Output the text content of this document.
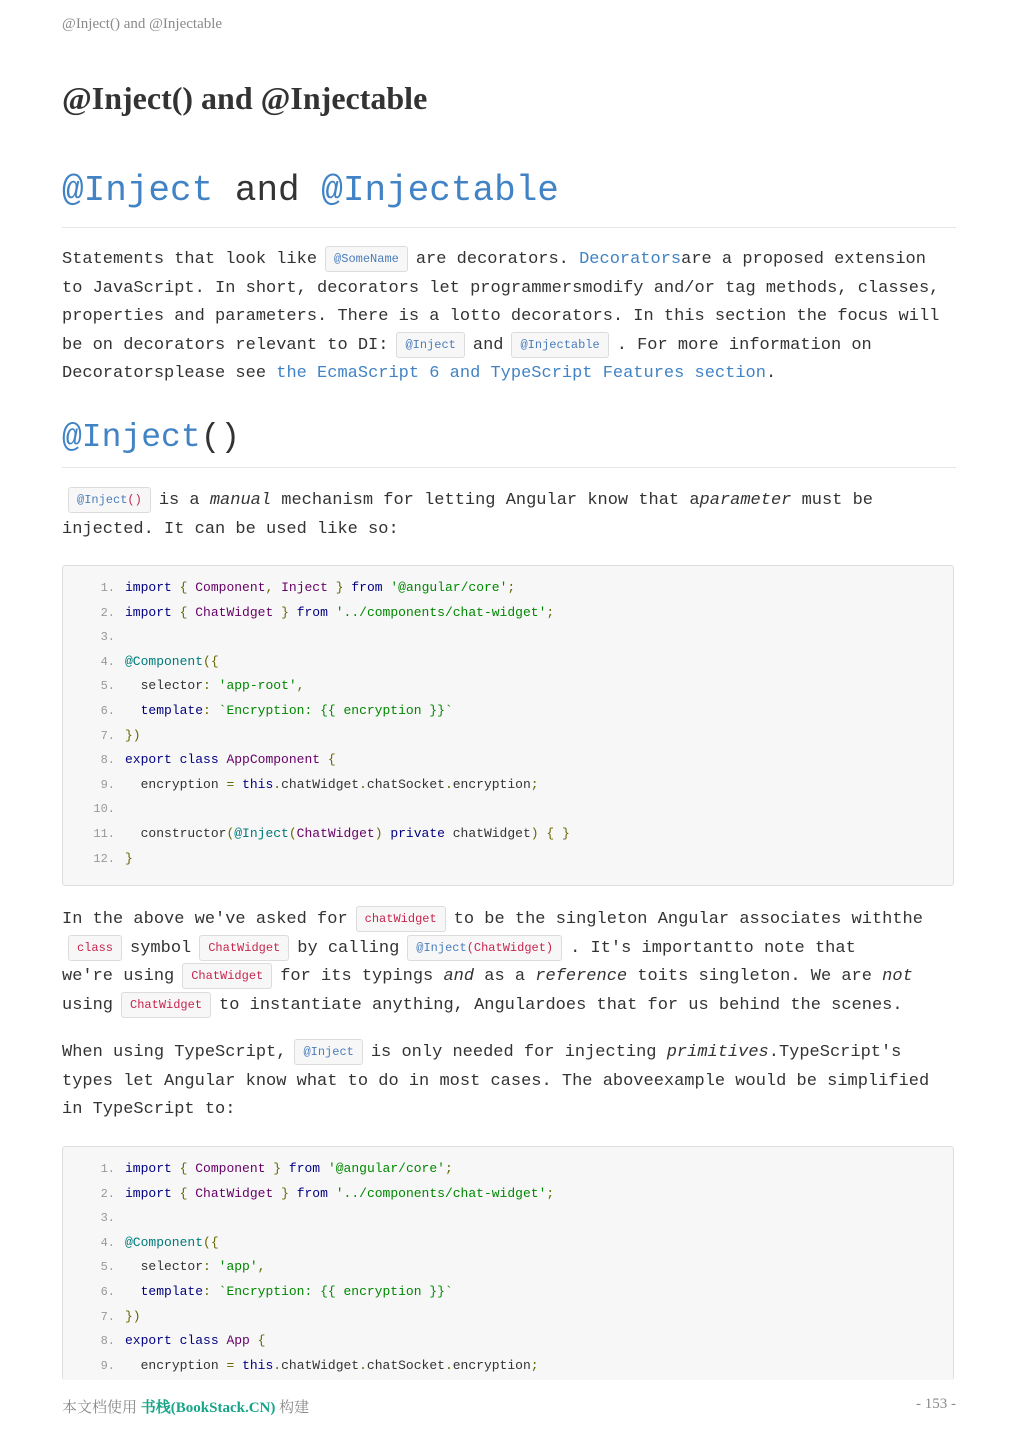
@Inject() and @Injectable
@Inject() and @Injectable
@Inject and @Injectable
Statements that look like @SomeName are decorators. Decoratorsare a proposed extension
to JavaScript. In short, decorators let programmersmodify and/or tag methods, classes,
properties and parameters. There is a lotto decorators. In this section the focus will
be on decorators relevant to DI: @Inject and @Injectable . For more information on
Decoratorsplease see the EcmaScript 6 and TypeScript Features section.
@Inject()
@Inject() is a manual mechanism for letting Angular know that aparameter must be
injected. It can be used like so:
1. import { Component, Inject } from '@angular/core';
2. import { ChatWidget } from '../components/chat-widget';
3.
4. @Component({
5.	selector: 'app-root',
6.	template: `Encryption: {{ encryption }}`
7. })
8. export class AppComponent {
9.	encryption = this.chatWidget.chatSocket.encryption;
10.
11.	constructor(@Inject(ChatWidget) private chatWidget) { }
12. }
In the above we've asked for chatWidget to be the singleton Angular associates withthe
class symbol ChatWidget by calling @Inject(ChatWidget) . It's importantto note that
we're using ChatWidget for its typings and as a reference toits singleton. We are not
using ChatWidget to instantiate anything, Angulardoes that for us behind the scenes.
When using TypeScript, @Inject is only needed for injecting primitives.TypeScript's
types let Angular know what to do in most cases. The aboveexample would be simplified
in TypeScript to:
1. import { Component } from '@angular/core';
2. import { ChatWidget } from '../components/chat-widget';
3.
4. @Component({
5.	selector: 'app',
6.	template: `Encryption: {{ encryption }}`
7. })
8. export class App {
9.	encryption = this.chatWidget.chatSocket.encryption;
本文档使用 书栈(BookStack.CN) 构建	- 153 -
